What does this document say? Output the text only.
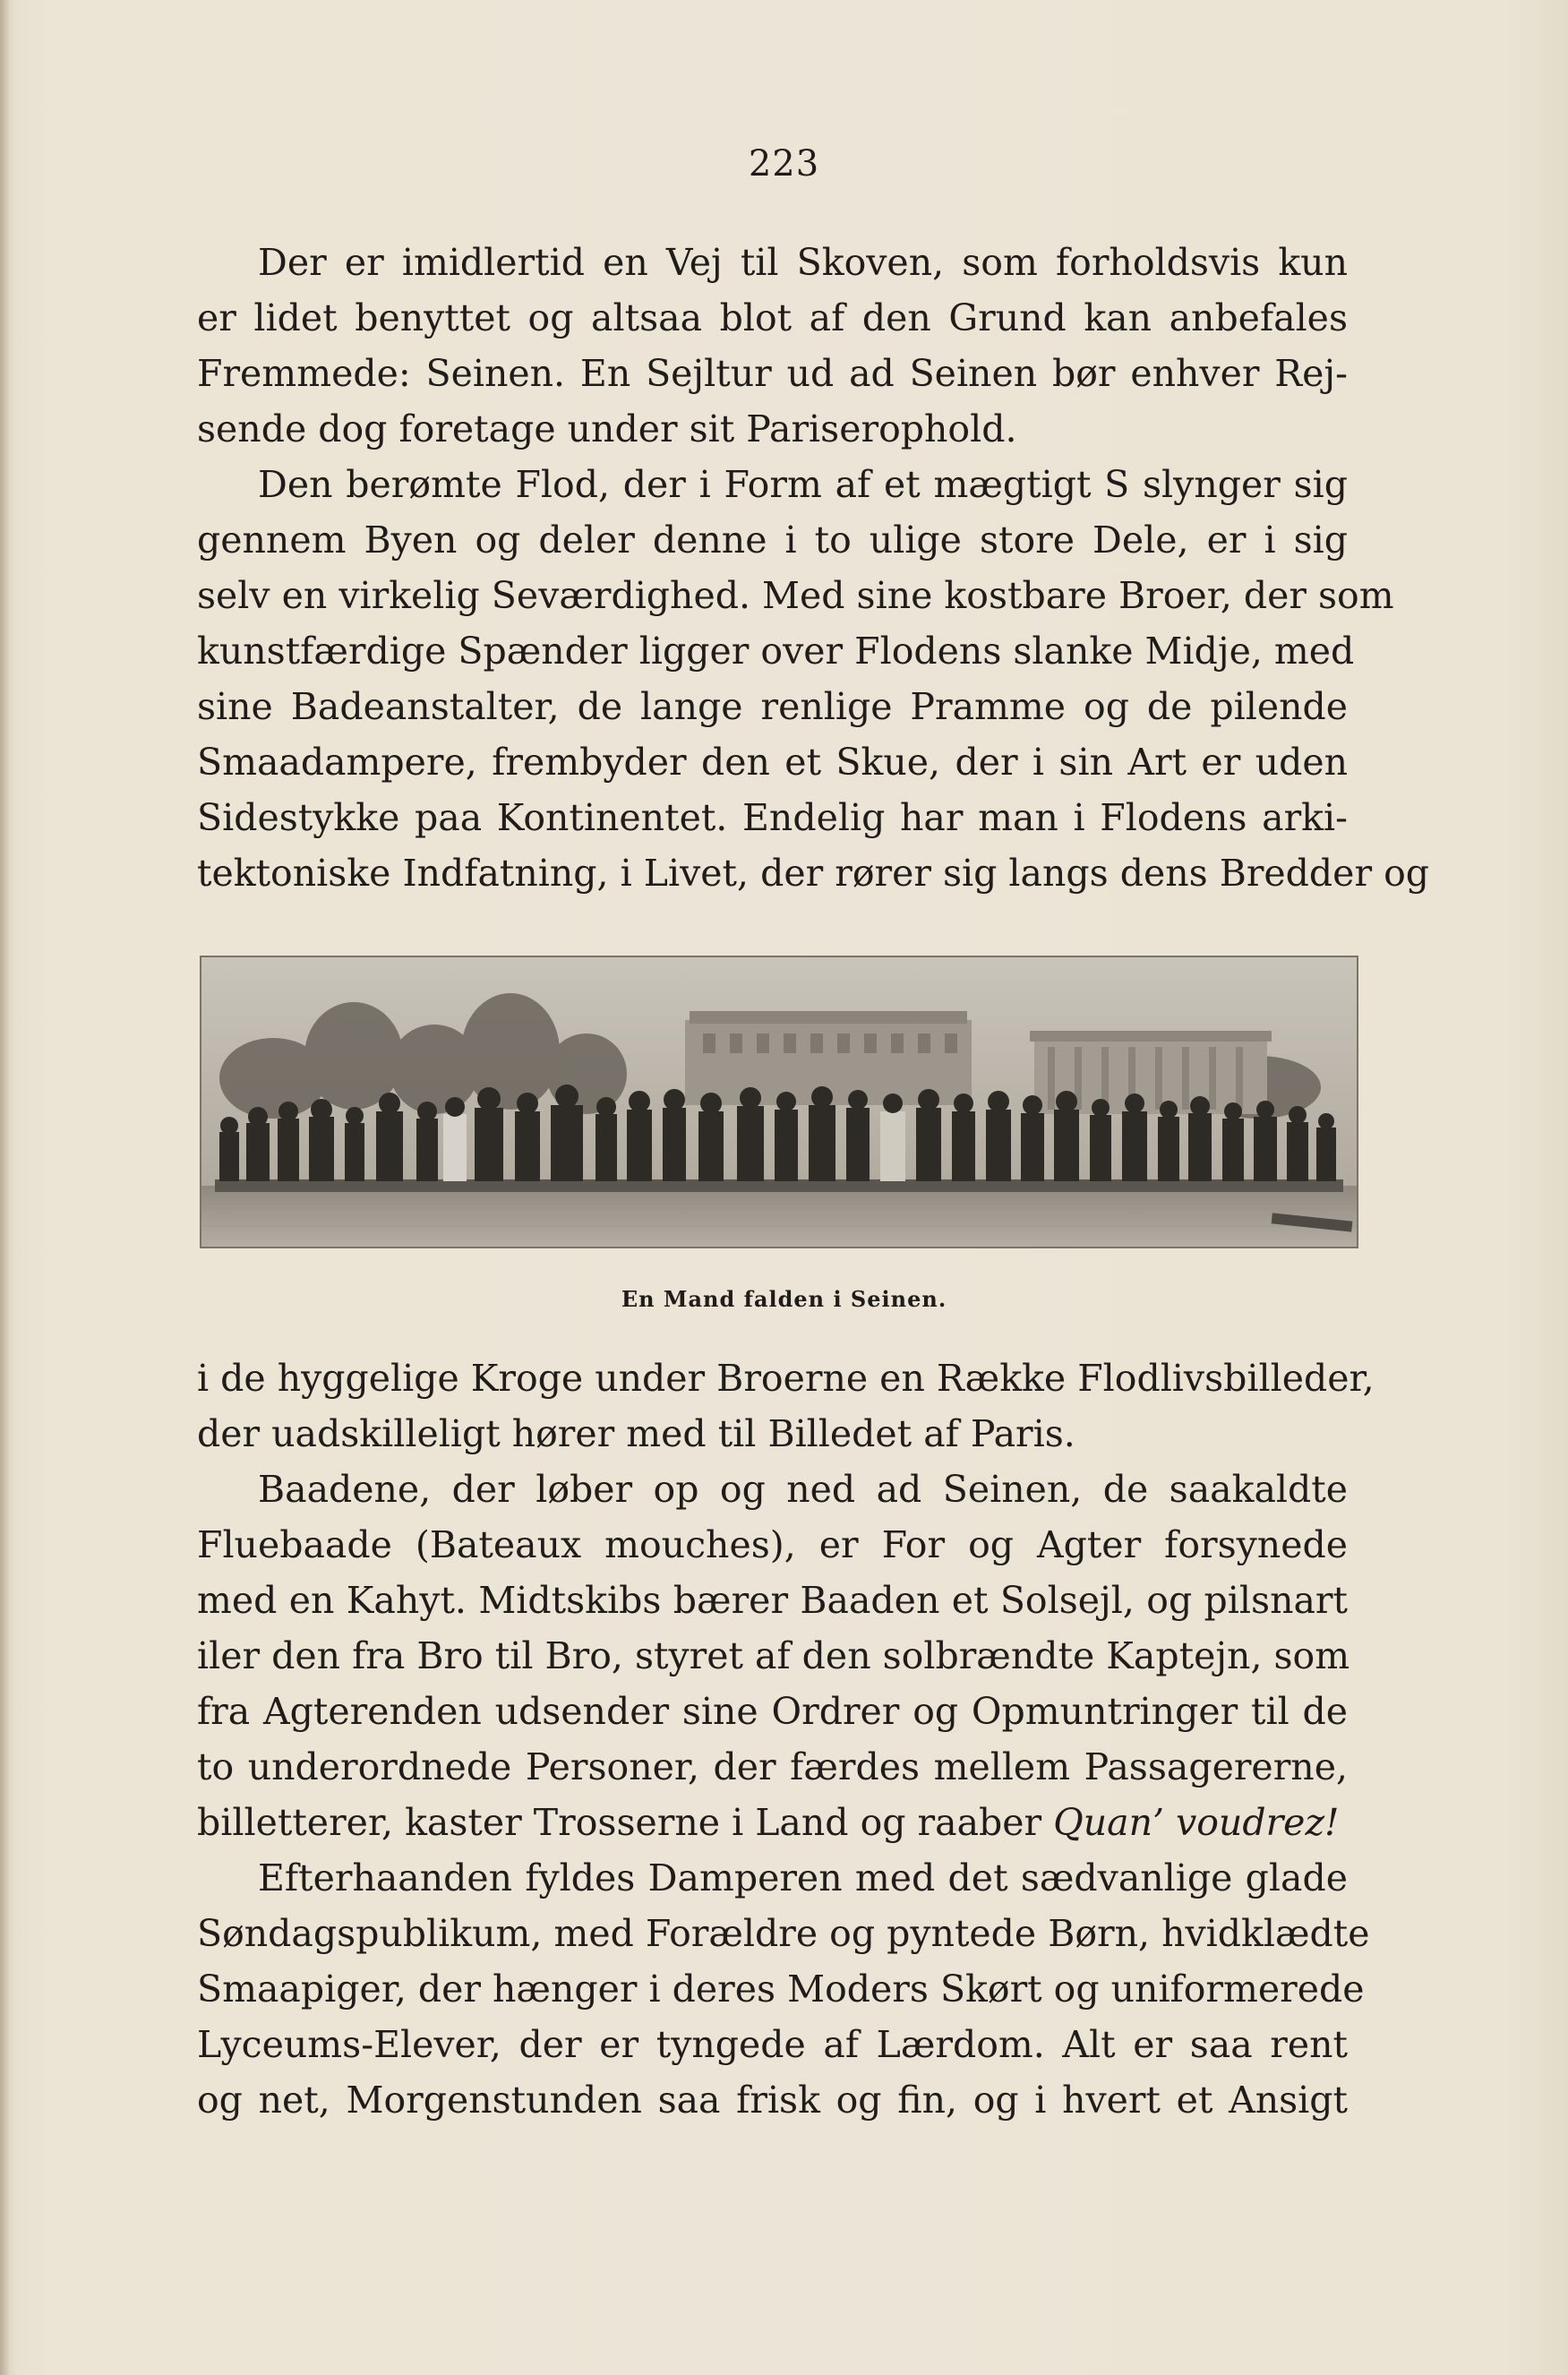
223
Der er imidlertid en Vej til Skoven, som forholdsvis kun
er lidet benyttet og altsaa blot af den Grund kan anbefales
Fremmede: Seinen. En Sejltur ud ad Seinen bør enhver Rej-
sende dog foretage under sit Pariserophold.
Den berømte Flod, der i Form af et mægtigt S slynger sig
gennem Byen og deler denne i to ulige store Dele, er i sig
selv en virkelig Seværdighed. Med sine kostbare Broer, der som
kunstfærdige Spænder ligger over Flodens slanke Midje, med
sine Badeanstalter, de lange renlige Pramme og de pilende
Smaadampere, frembyder den et Skue, der i sin Art er uden
Sidestykke paa Kontinentet. Endelig har man i Flodens arki-
tektoniske Indfatning, i Livet, der rører sig langs dens Bredder og
En Mand falden i Seinen.
i de hyggelige Kroge under Broerne en Række Flodlivsbilleder,
der uadskilleligt hører med til Billedet af Paris.
Baadene, der løber op og ned ad Seinen, de saakaldte
Fluebaade (Bateaux mouches), er For og Agter forsynede
med en Kahyt. Midtskibs bærer Baaden et Solsejl, og pilsnart
iler den fra Bro til Bro, styret af den solbrændte Kaptejn, som
fra Agterenden udsender sine Ordrer og Opmuntringer til de
to underordnede Personer, der færdes mellem Passagererne,
billetterer, kaster Trosserne i Land og raaber Quan’ voudrez!
Efterhaanden fyldes Damperen med det sædvanlige glade
Søndagspublikum, med Forældre og pyntede Børn, hvidklædte
Smaapiger, der hænger i deres Moders Skørt og uniformerede
Lyceums-Elever, der er tyngede af Lærdom. Alt er saa rent
og net, Morgenstunden saa frisk og fin, og i hvert et Ansigt
